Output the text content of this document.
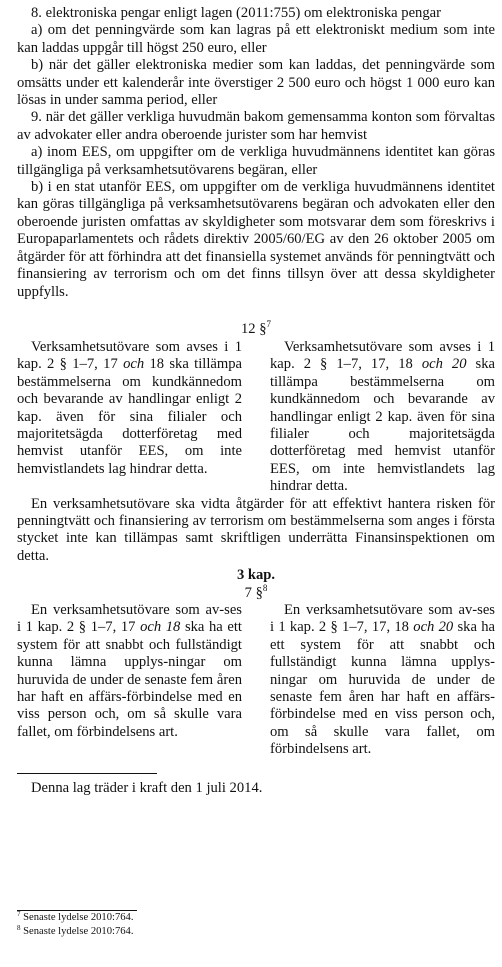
8. elektroniska pengar enligt lagen (2011:755) om elektroniska pengar

a) om det penningvärde som kan lagras på ett elektroniskt medium som inte kan laddas uppgår till högst 250 euro, eller

b) när det gäller elektroniska medier som kan laddas, det penningvärde som omsätts under ett kalenderår inte överstiger 2 500 euro och högst 1 000 euro kan lösas in under samma period, eller

9. när det gäller verkliga huvudmän bakom gemensamma konton som förvaltas av advokater eller andra oberoende jurister som har hemvist

a) inom EES, om uppgifter om de verkliga huvudmännens identitet kan göras tillgängliga på verksamhetsutövarens begäran, eller

b) i en stat utanför EES, om uppgifter om de verkliga huvudmännens identitet kan göras tillgängliga på verksamhetsutövarens begäran och advokaten eller den oberoende juristen omfattas av skyldigheter som motsvarar dem som föreskrivs i Europaparlamentets och rådets direktiv 2005/60/EG av den 26 oktober 2005 om åtgärder för att förhindra att det finansiella systemet används för penningtvätt och finansiering av terrorism och om det finns tillsyn över att dessa skyldigheter uppfylls.

12 §$^7$

Verksamhetsutövare som avses i 1 kap. 2 § 1–7, 17 och 18 ska tillämpa bestämmelserna om kundkännedom och bevarande av handlingar enligt 2 kap. även för sina filialer och majoritetsägda dotterföretag med hemvist utanför EES, om inte hemvistlandets lag hindrar detta.

Verksamhetsutövare som avses i 1 kap. 2 § 1–7, 17, 18 och 20 ska tillämpa bestämmelserna om kundkännedom och bevarande av handlingar enligt 2 kap. även för sina filialer och majoritetsägda dotterföretag med hemvist utanför EES, om inte hemvistlandets lag hindrar detta.

En verksamhetsutövare ska vidta åtgärder för att effektivt hantera risken för penningtvätt och finansiering av terrorism om bestämmelserna som anges i första stycket inte kan tillämpas samt skriftligen underrätta Finansinspektionen om detta.

3 kap.
7 §$^8$

En verksamhetsutövare som av-ses i 1 kap. 2 § 1–7, 17 och 18 ska ha ett system för att snabbt och fullständigt kunna lämna upplys-ningar om huruvida de under de senaste fem åren har haft en affärs-förbindelse med en viss person och, om så skulle vara fallet, om förbindelsens art.

En verksamhetsutövare som av-ses i 1 kap. 2 § 1–7, 17, 18 och 20 ska ha ett system för att snabbt och fullständigt kunna lämna upplys-ningar om huruvida de under de senaste fem åren har haft en affärs-förbindelse med en viss person och, om så skulle vara fallet, om förbindelsens art.

Denna lag träder i kraft den 1 juli 2014.

$^7$ Senaste lydelse 2010:764.
$^8$ Senaste lydelse 2010:764.
